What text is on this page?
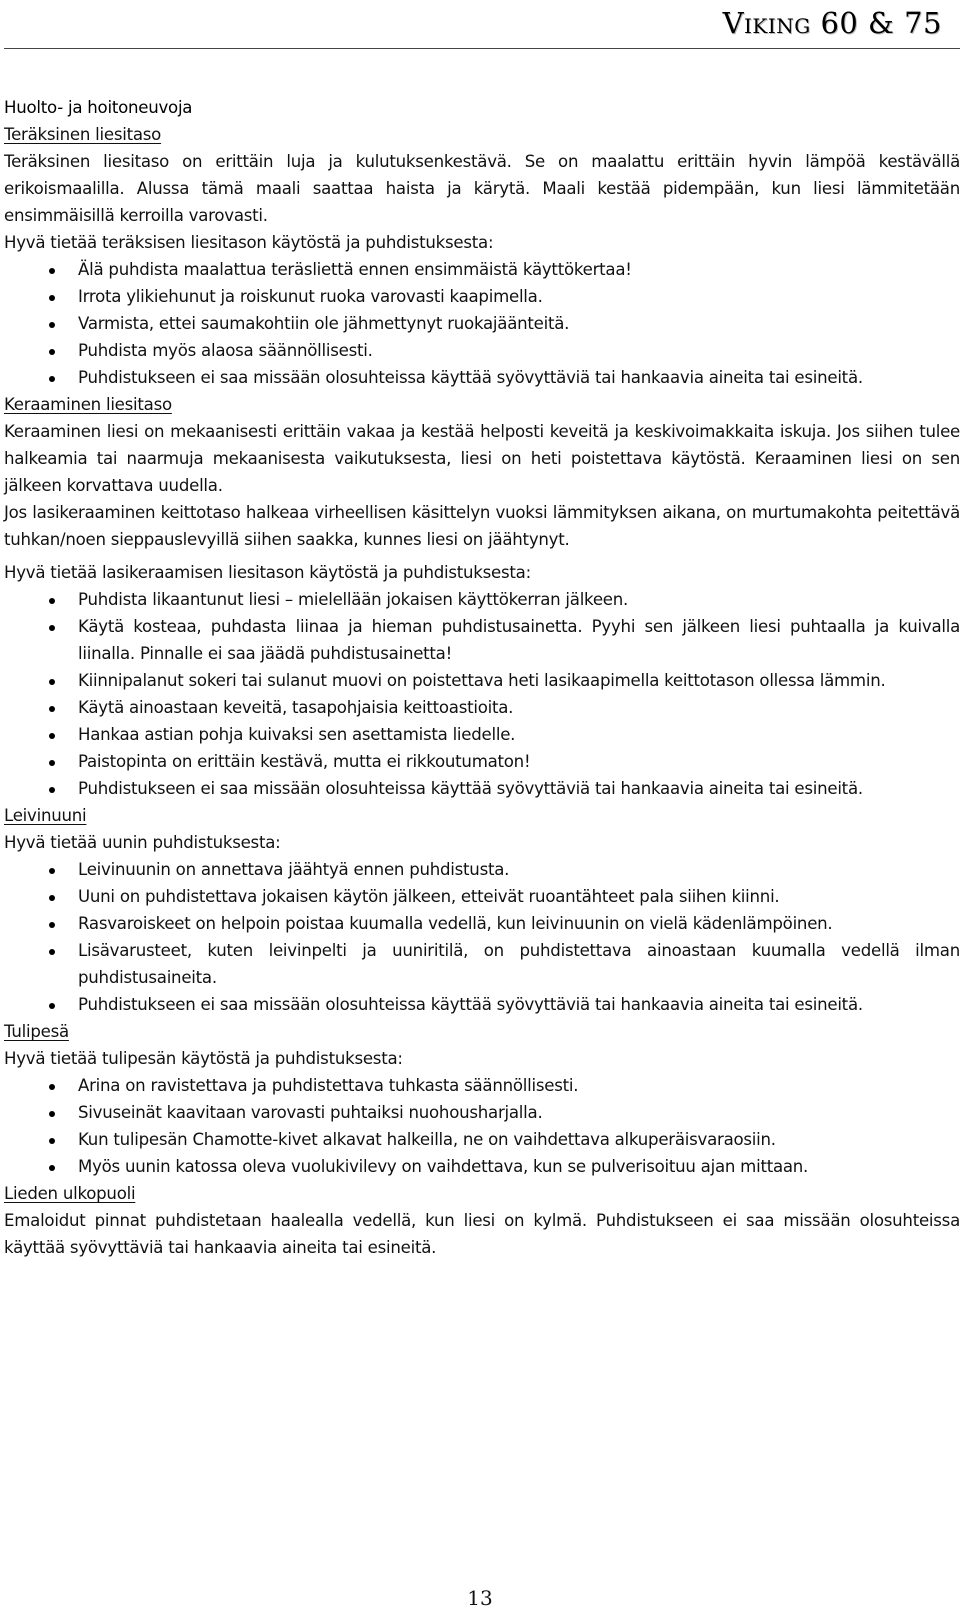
Viking 60 & 75
Huolto- ja hoitoneuvoja
Teräksinen liesitaso
Teräksinen liesitaso on erittäin luja ja kulutuksenkestävä. Se on maalattu erittäin hyvin lämpöä kestävällä erikoismaalilla. Alussa tämä maali saattaa haista ja kärytä. Maali kestää pidempään, kun liesi lämmitetään ensimmäisillä kerroilla varovasti.
Hyvä tietää teräksisen liesitason käytöstä ja puhdistuksesta:
Älä puhdista maalattua teräsliettä ennen ensimmäistä käyttökertaa!
Irrota ylikiehunut ja roiskunut ruoka varovasti kaapimella.
Varmista, ettei saumakohtiin ole jähmettynyt ruokajäänteitä.
Puhdista myös alaosa säännöllisesti.
Puhdistukseen ei saa missään olosuhteissa käyttää syövyttäviä tai hankaavia aineita tai esineitä.
Keraaminen liesitaso
Keraaminen liesi on mekaanisesti erittäin vakaa ja kestää helposti keveitä ja keskivoimakkaita iskuja. Jos siihen tulee halkeamia tai naarmuja mekaanisesta vaikutuksesta, liesi on heti poistettava käytöstä. Keraaminen liesi on sen jälkeen korvattava uudella.
Jos lasikeraaminen keittotaso halkeaa virheellisen käsittelyn vuoksi lämmityksen aikana, on murtumakohta peitettävä tuhkan/noen sieppauslevyillä siihen saakka, kunnes liesi on jäähtynyt.
Hyvä tietää lasikeraamisen liesitason käytöstä ja puhdistuksesta:
Puhdista likaantunut liesi – mielellään jokaisen käyttökerran jälkeen.
Käytä kosteaa, puhdasta liinaa ja hieman puhdistusainetta. Pyyhi sen jälkeen liesi puhtaalla ja kuivalla liinalla. Pinnalle ei saa jäädä puhdistusainetta!
Kiinnipalanut sokeri tai sulanut muovi on poistettava heti lasikaapimella keittotason ollessa lämmin.
Käytä ainoastaan keveitä, tasapohjaisia keittoastioita.
Hankaa astian pohja kuivaksi sen asettamista liedelle.
Paistopinta on erittäin kestävä, mutta ei rikkoutumaton!
Puhdistukseen ei saa missään olosuhteissa käyttää syövyttäviä tai hankaavia aineita tai esineitä.
Leivinuuni
Hyvä tietää uunin puhdistuksesta:
Leivinuunin on annettava jäähtyä ennen puhdistusta.
Uuni on puhdistettava jokaisen käytön jälkeen, etteivät ruoantähteet pala siihen kiinni.
Rasvaroiskeet on helpoin poistaa kuumalla vedellä, kun leivinuunin on vielä kädenlämpöinen.
Lisävarusteet, kuten leivinpelti ja uuniritilä, on puhdistettava ainoastaan kuumalla vedellä ilman puhdistusaineita.
Puhdistukseen ei saa missään olosuhteissa käyttää syövyttäviä tai hankaavia aineita tai esineitä.
Tulipesä
Hyvä tietää tulipesän käytöstä ja puhdistuksesta:
Arina on ravistettava ja puhdistettava tuhkasta säännöllisesti.
Sivuseinät kaavitaan varovasti puhtaiksi nuohousharjalla.
Kun tulipesän Chamotte-kivet alkavat halkeilla, ne on vaihdettava alkuperäisvaraosiin.
Myös uunin katossa oleva vuolukivilevy on vaihdettava, kun se pulverisoituu ajan mittaan.
Lieden ulkopuoli
Emaloidut pinnat puhdistetaan haalealla vedellä, kun liesi on kylmä. Puhdistukseen ei saa missään olosuhteissa käyttää syövyttäviä tai hankaavia aineita tai esineitä.
13
